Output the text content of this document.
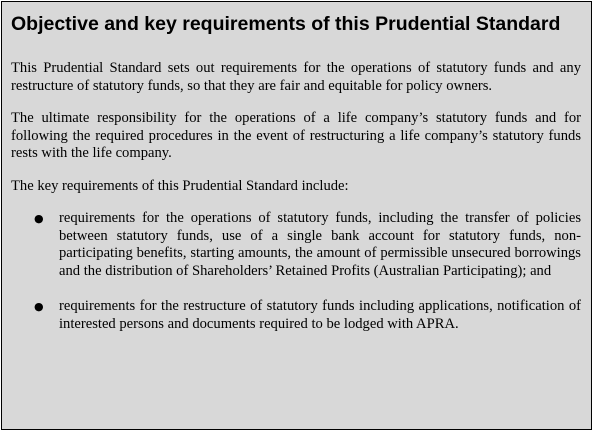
Objective and key requirements of this Prudential Standard

This Prudential Standard sets out requirements for the operations of statutory funds and any restructure of statutory funds, so that they are fair and equitable for policy owners.

The ultimate responsibility for the operations of a life company’s statutory funds and for following the required procedures in the event of restructuring a life company’s statutory funds rests with the life company.

The key requirements of this Prudential Standard include:

● requirements for the operations of statutory funds, including the transfer of policies between statutory funds, use of a single bank account for statutory funds, non-participating benefits, starting amounts, the amount of permissible unsecured borrowings and the distribution of Shareholders’ Retained Profits (Australian Participating); and

● requirements for the restructure of statutory funds including applications, notification of interested persons and documents required to be lodged with APRA.
